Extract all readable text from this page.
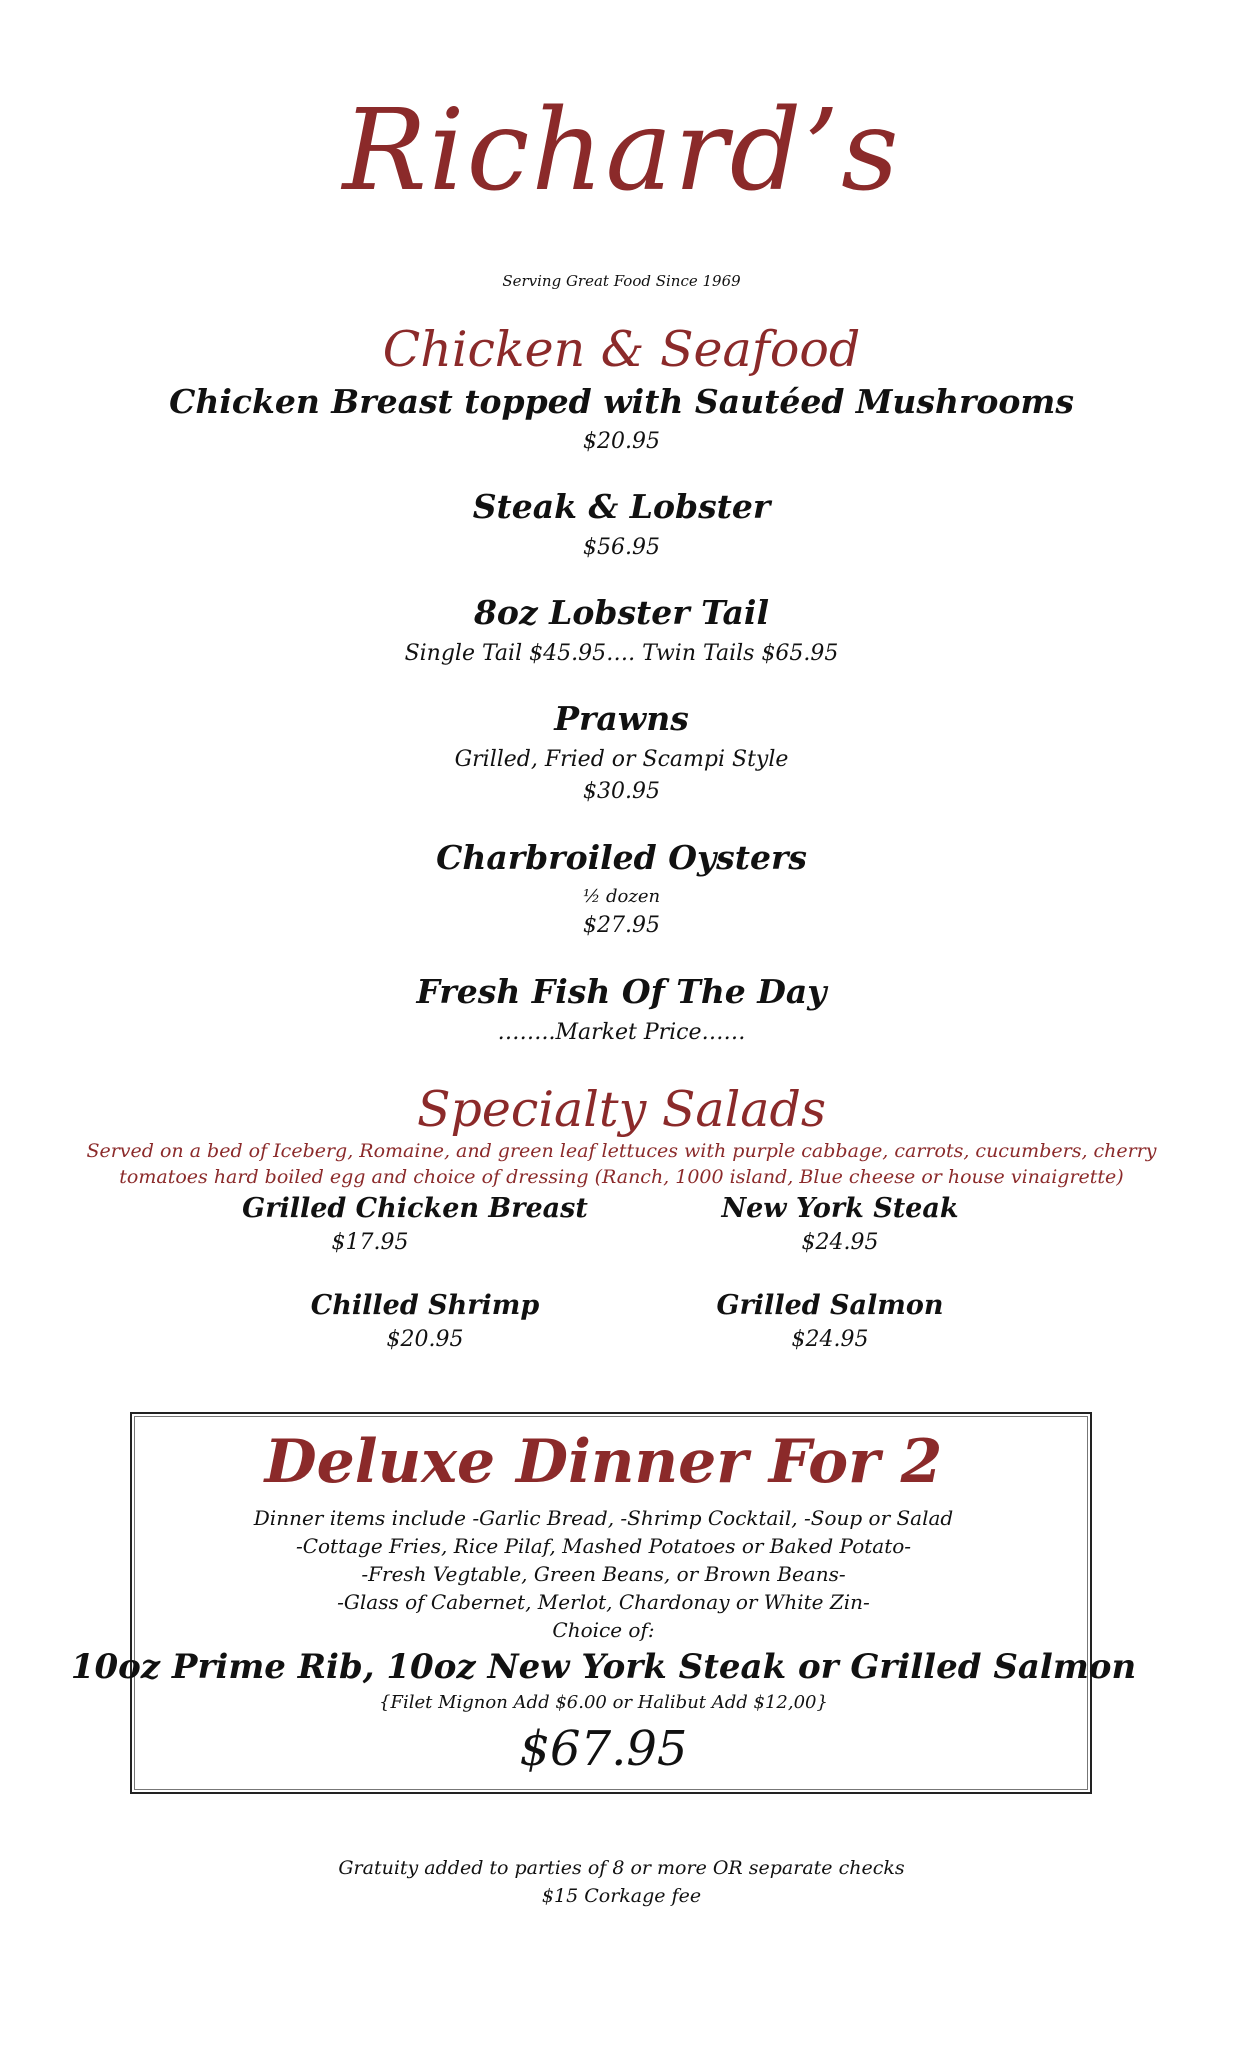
Richard’s
Serving Great Food Since 1969
Chicken & Seafood
Chicken Breast topped with Sautéed Mushrooms
$20.95
Steak & Lobster
$56.95
8oz Lobster Tail
Single Tail $45.95…. Twin Tails $65.95
Prawns
Grilled, Fried or Scampi Style
$30.95
Charbroiled Oysters
½ dozen
$27.95
Fresh Fish Of The Day
……..Market Price……
Specialty Salads
Served on a bed of Iceberg, Romaine, and green leaf lettuces with purple cabbage, carrots, cucumbers, cherry
tomatoes hard boiled egg and choice of dressing (Ranch, 1000 island, Blue cheese or house vinaigrette)
Grilled Chicken Breast
$17.95
New York Steak
$24.95
Chilled Shrimp
$20.95
Grilled Salmon
$24.95
Deluxe Dinner For 2
Dinner items include -Garlic Bread, -Shrimp Cocktail, -Soup or Salad
-Cottage Fries, Rice Pilaf, Mashed Potatoes or Baked Potato-
-Fresh Vegtable, Green Beans, or Brown Beans-
-Glass of Cabernet, Merlot, Chardonay or White Zin-
Choice of:
10oz Prime Rib, 10oz New York Steak or Grilled Salmon
{Filet Mignon Add $6.00 or Halibut Add $12,00}
$67.95
Gratuity added to parties of 8 or more OR separate checks
$15 Corkage fee
